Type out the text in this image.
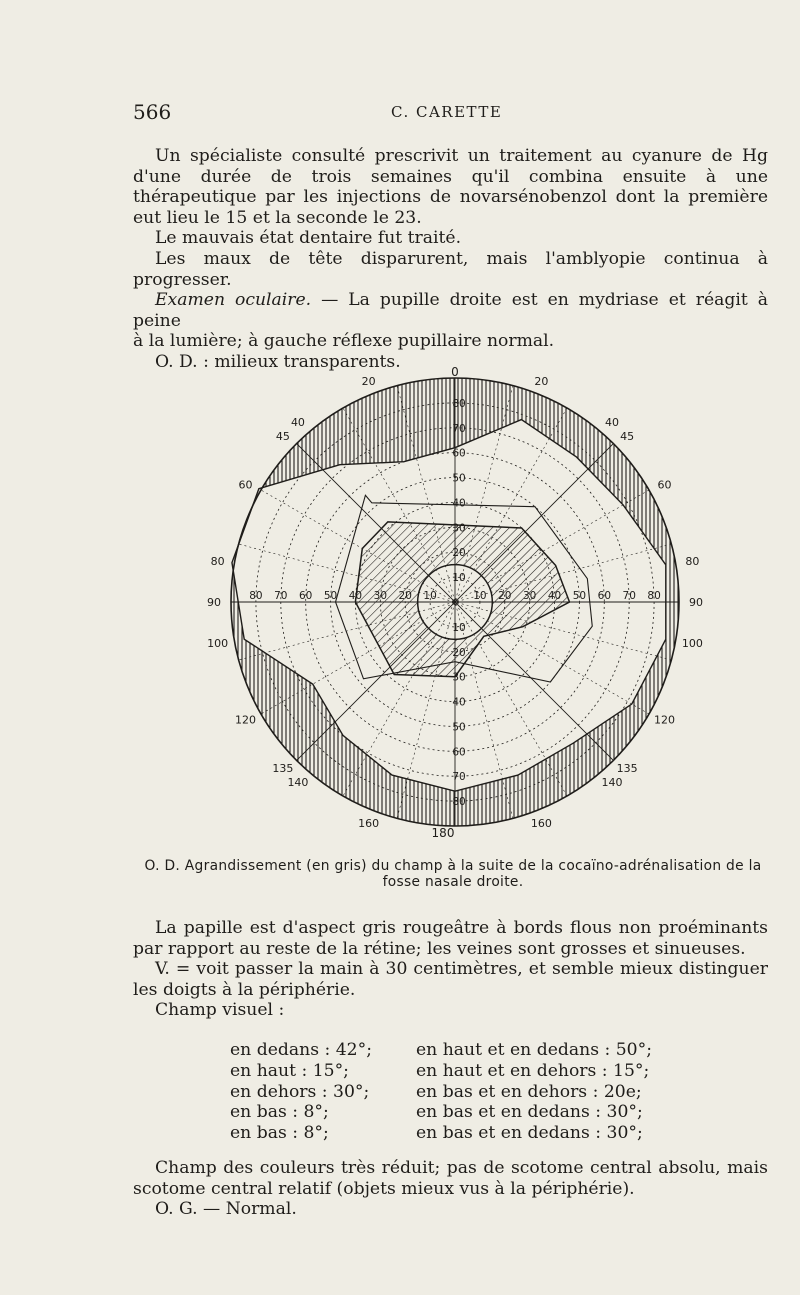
566	C. CARETTE

Un spécialiste consulté prescrivit un traitement au cyanure de Hg d'une durée de trois semaines qu'il combina ensuite à une thérapeutique par les injections de novarsénobenzol dont la première eut lieu le 15 et la seconde le 23.

Le mauvais état dentaire fut traité.

Les maux de tête disparurent, mais l'amblyopie continua à progresser.

Examen oculaire. — La pupille droite est en mydriase et réagit à peine

à la lumière; à gauche réflexe pupillaire normal.

O. D. : milieux transparents.

10
10
10	10
20
20
20	20
30
30
30	30
40
40
40	40
50
50
50	50
60
60
60	60
70
70
70	70
80
80
80	80
0
180
20
20
40
40
45
45
60
60
80
80
90
90
100
100
120
120
135
135
140
140
160
160
O. D. Agrandissement (en gris) du champ à la suite de la cocaïno-adrénalisation de la fosse nasale droite.

La papille est d'aspect gris rougeâtre à bords flous non proéminants par rapport au reste de la rétine; les veines sont grosses et sinueuses.

V. = voit passer la main à 30 centimètres, et semble mieux distinguer les doigts à la périphérie.

Champ visuel :

en dedans : 42°;	en haut et en dedans : 50°;
en haut : 15°;	en haut et en dehors : 15°;
en dehors : 30°;	en bas et en dehors : 20e;
en bas : 8°;	en bas et en dedans : 30°;
en bas : 8°;	en bas et en dedans : 30°;

Champ des couleurs très réduit; pas de scotome central absolu, mais scotome central relatif (objets mieux vus à la périphérie).

O. G. — Normal.
